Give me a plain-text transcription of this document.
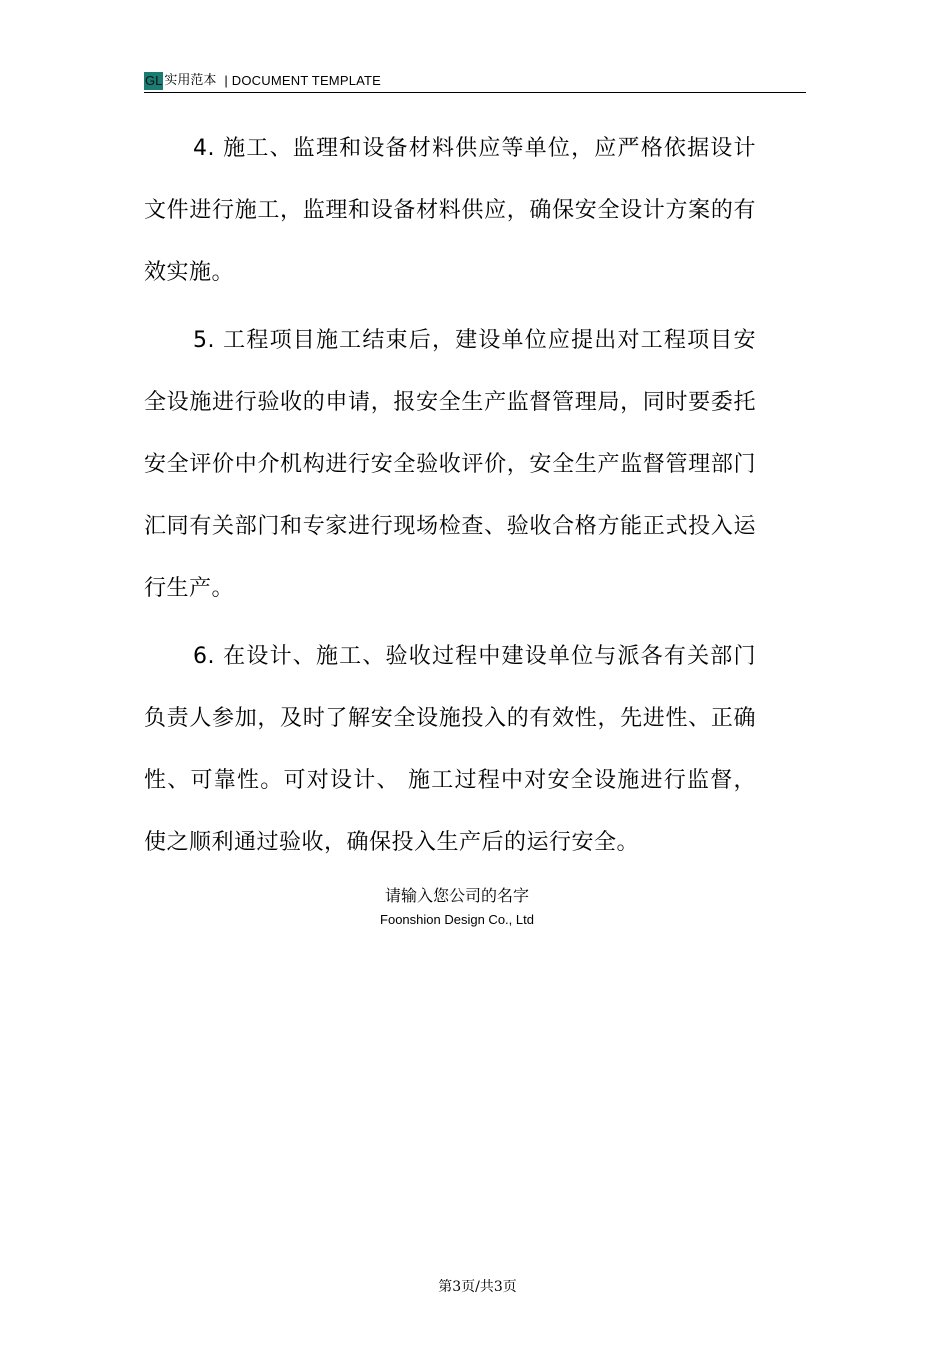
GL 实用范本 | DOCUMENT TEMPLATE

4. 施工、监理和设备材料供应等单位，应严格依据设计文件进行施工，监理和设备材料供应，确保安全设计方案的有效实施。

5. 工程项目施工结束后，建设单位应提出对工程项目安全设施进行验收的申请，报安全生产监督管理局，同时要委托安全评价中介机构进行安全验收评价，安全生产监督管理部门汇同有关部门和专家进行现场检查、验收合格方能正式投入运行生产。

6. 在设计、施工、验收过程中建设单位与派各有关部门负责人参加，及时了解安全设施投入的有效性，先进性、正确性、可靠性。可对设计、 施工过程中对安全设施进行监督，使之顺利通过验收，确保投入生产后的运行安全。

请输入您公司的名字
Foonshion Design Co., Ltd
第3页/共3页
